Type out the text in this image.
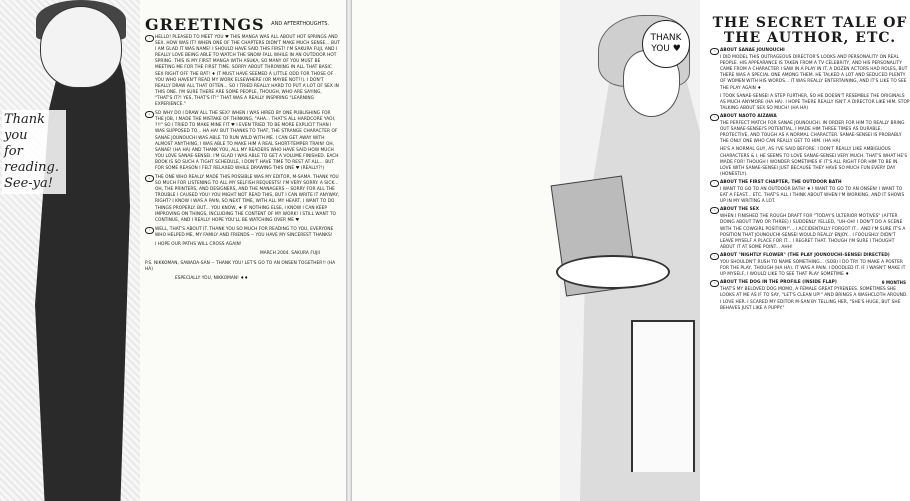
Thank you
for
reading.
See-ya!
GREETINGS $^{AND AFTERTHOUGHTS.}$
◦	HELLO! PLEASED TO MEET YOU ♥ THIS MANGA WAS ALL ABOUT HOT SPRINGS AND SEX. HOW WAS IT? WHEN ONE OF THE CHAPTERS DIDN'T MAKE MUCH SENSE... BUT I AM GLAD IT WAS NAME! I SHOULD HAVE SAID THIS FIRST! I'M SAKURA FUJI, AND I REALLY LOVE BEING ABLE TO WATCH THE SNOW FALL WHILE IN AN OUTDOOR HOT SPRING. THIS IS MY FIRST MANGA WITH ASUKA, SO MANY OF YOU MUST BE MEETING ME FOR THE FIRST TIME. SORRY ABOUT THROWING IN ALL THAT BASIC SEX RIGHT OFF THE BAT! ♦ IT MUST HAVE SEEMED A LITTLE ODD FOR THOSE OF YOU WHO HAVEN'T READ MY WORK ELSEWHERE (OR MAYBE NOT?!). I DON'T REALLY DRAW ALL THAT OFTEN... SO I TRIED REALLY HARD TO PUT A LOT OF SEX IN THIS ONE. I'M SURE THERE ARE SOME PEOPLE, THOUGH, WHO ARE SAYING, "THAT'S IT?! YES, THAT'S IT!" THAT WAS A REALLY INSPIRING "LEARNING EXPERIENCE."
◦	SO WHY DO I DRAW ALL THE SEX? WHEN I WAS HIRED BY ONE PUBLISHING FOR THE JOB, I MADE THE MISTAKE OF THINKING, "AHA... THAT'S ALL HARDCORE YAOI, ?!!" SO I TRIED TO MAKE MINE FIT ♥ I EVEN TRIED TO BE MORE EXPLICIT THAN I WAS SUPPOSED TO... HA HA! BUT THANKS TO THAT, THE STRANGE CHARACTER OF SANAE JOUNOUCHI WAS ABLE TO RUN WILD WITH ME. I CAN GET AWAY WITH ALMOST ANYTHING, I WAS ABLE TO MAKE HIM A REAL SHORT-TEMPER TRAIN! OH, SANAE! (HA HA) AND THANK YOU, ALL MY READERS WHO HAVE SAID HOW MUCH YOU LOVE SANAE-SENSEI. I'M GLAD I WAS ABLE TO GET A VOLUME FINISHED. EACH BOOK IS SO SUCH A TIGHT SCHEDULE, I DON'T HAVE TIME TO REST AT ALL... BUT FOR SOME REASON I FELT RELAXED WHILE DRAWING THIS ONE ♥ (REALLY?!)
◦	THE ONE WHO REALLY MADE THIS POSSIBLE WAS MY EDITOR, M-SAMA. THANK YOU SO MUCH FOR LISTENING TO ALL MY SELFISH REQUESTS! I'M VERY SORRY. A SICK... OH, THE PRINTERS, AND DESIGNERS, AND THE MANAGERS -- SORRY FOR ALL THE TROUBLE I CAUSED YOU! YOU MIGHT NOT READ THIS, BUT I CAN WRITE IT ANYWAY, RIGHT? I KNOW I WAS A PAIN, SO NEXT TIME, WITH ALL MY HEART, I WANT TO DO THINGS PROPERLY. BUT... YOU KNOW, ♦ IF NOTHING ELSE, I KNOW I CAN KEEP IMPROVING ON THINGS, INCLUDING THE CONTENT OF MY WORK! I STILL WANT TO CONTINUE, AND I REALLY HOPE YOU'LL BE WATCHING OVER ME ♥
◦	WELL, THAT'S ABOUT IT. THANK YOU SO MUCH FOR READING TO YOU, EVERYONE WHO HELPED ME, MY FAMILY AND FRIENDS -- YOU HAVE MY SINCEREST THANKS!
I HOPE OUR PATHS WILL CROSS AGAIN!
MARCH 2004. SAKURA FUJII
P.S. NIKKOMAN, SAWADA-SAN -- THANK YOU! LET'S GO TO AN ONSEN TOGETHER!! (HA HA)
ESPECIALLY YOU, NIKKOMAN! ♦♦
THE SECRET TALE OF
THE AUTHOR, ETC.
◦	ABOUT SANAE JOUNOUCHI
I DID MODEL THIS OUTRAGEOUS DIRECTOR'S LOOKS AND PERSONALITY ON REAL PEOPLE. HIS APPEARANCE IS TAKEN FROM A TV CELEBRITY, AND HIS PERSONALITY CAME FROM A CHARACTER I SAW IN A PLAY IN IT. A DOZEN ACTORS HAD ROLES, BUT THERE WAS A SPECIAL ONE AMONG THEM. HE TALKED A LOT AND SEDUCED PLENTY OF WOMEN WITH HIS WORDS... IT WAS REALLY ENTERTAINING, AND IT'S LIKE TO SEE THE PLAY AGAIN ♦
I TOOK SANAE-SENSEI A STEP FURTHER, SO HE DOESN'T RESEMBLE THE ORIGINALS AS MUCH ANYMORE (HA HA). I HOPE THERE REALLY ISN'T A DIRECTOR LIKE HIM. STOP TALKING ABOUT SEX SO MUCH! (HA HA)
◦	ABOUT NAOTO AIZAWA
THE PERFECT MATCH FOR SANAE JOUNOUCHI. IN ORDER FOR HIM TO REALLY BRING OUT SANAE-SENSEI'S POTENTIAL, I MADE HIM THREE TIMES AS DURABLE, PROTECTIVE, AND TOUGH AS A NORMAL CHARACTER. SANAE-SENSEI IS PROBABLY THE ONLY ONE WHO CAN REALLY GET TO HIM. (HA HA)
HE'S A NORMAL GUY, AS I'VE SAID BEFORE. I DON'T REALLY LIKE AMBIGUOUS CHARACTERS & I. HE SEEMS TO LOVE SANAE-SENSEI VERY MUCH. THAT'S WHAT HE'S MADE FOR! THOUGH I WONDER SOMETIMES IF IT'S ALL RIGHT FOR HIM TO BE IN LOVE WITH SANAE-SENSEI JUST BECAUSE THEY HAVE SO MUCH FUN EVERY DAY (HONESTLY).
◦	ABOUT THE FIRST CHAPTER, THE OUTDOOR BATH
I WANT TO GO TO AN OUTDOOR BATH! ♦ I WANT TO GO TO AN ONSEN! I WANT TO EAT A FEAST... ETC. THAT'S ALL I THINK ABOUT WHEN I'M WORKING, AND IT SHOWS UP IN MY WRITING A LOT.
◦	ABOUT THE SEX
WHEN I FINISHED THE ROUGH DRAFT FOR "TODAY'S ULTERIOR MOTIVES" (AFTER DOING ABOUT TWO OR THREE) I SUDDENLY YELLED, "UH-OH! I DON'T DO A SCENE WITH THE COWGIRL POSITION!"... I ACCIDENTALLY FORGOT IT... AND I'M SURE IT'S A POSITION THAT JOUNOUCHI-SENSEI WOULD REALLY ENJOY... I FOOLISHLY DIDN'T LEAVE MYSELF A PLACE FOR IT... I REGRET THAT. THOUGH I'M SURE I THOUGHT ABOUT IT AT SOME POINT... AHH!
◦	ABOUT "NIGHTLY FLOWER" (THE PLAY JOUNOUCHI-SENSEI DIRECTED)
YOU SHOULDN'T RUSH TO NAME SOMETHING... (SOB) I DO TRY TO MAKE A POSTER FOR THE PLAY, THOUGH (HA HA). IT WAS A PAIN. I DOODLED IT. IF I WASN'T MAKE IT UP MYSELF, I WOULD LIKE TO SEE THAT PLAY SOMETIME ♦
◦	ABOUT THE DOG IN THE PROFILE (INSIDE FLAP)	9 MONTHS
THAT'S MY BELOVED DOG MOMO, A FEMALE GREAT PYRENEES. SOMETIMES SHE LOOKS AT ME AS IF TO SAY, "LET'S CLEAN UP!" AND BRINGS A WASHCLOTH AROUND. I LOVE HER. I SCARED MY EDITOR M-SAN BY TELLING HER, "SHE'S HUGE, BUT SHE BEHAVES JUST LIKE A PUPPY."
THANK YOU ♥
